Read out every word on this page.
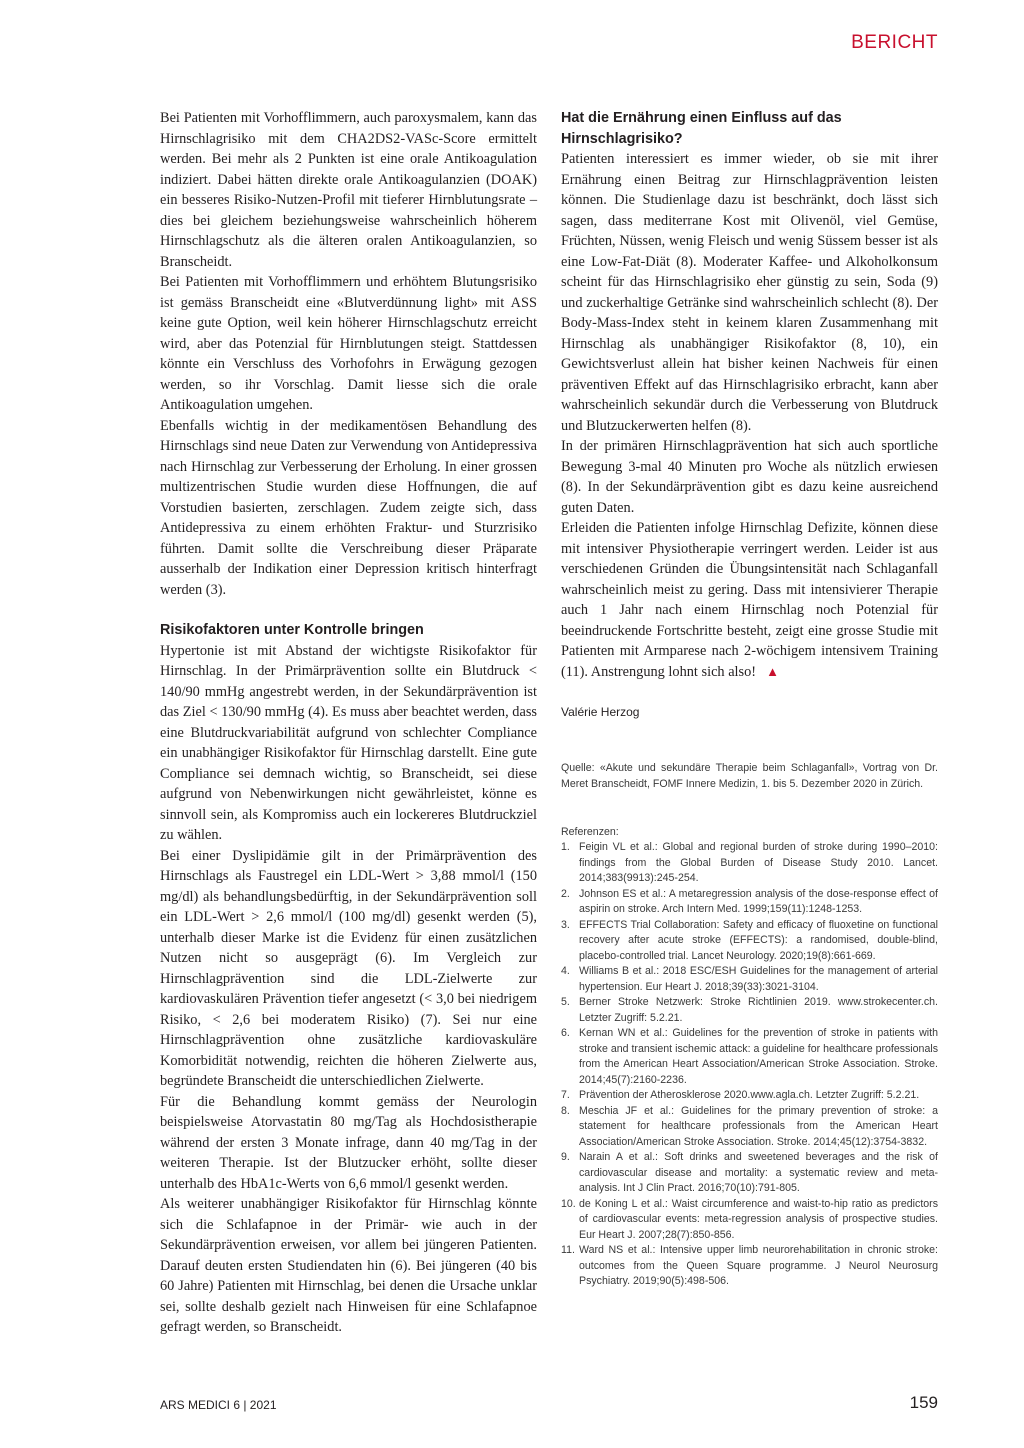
BERICHT

Bei Patienten mit Vorhofflimmern, auch paroxysmalem, kann das Hirnschlagrisiko mit dem CHA2DS2-VASc-Score ermittelt werden. Bei mehr als 2 Punkten ist eine orale Antikoagulation indiziert. Dabei hätten direkte orale Antikoagulanzien (DOAK) ein besseres Risiko-Nutzen-Profil mit tieferer Hirnblutungsrate – dies bei gleichem beziehungsweise wahrscheinlich höherem Hirnschlagschutz als die älteren oralen Antikoagulanzien, so Branscheidt.

Bei Patienten mit Vorhofflimmern und erhöhtem Blutungsrisiko ist gemäss Branscheidt eine «Blutverdünnung light» mit ASS keine gute Option, weil kein höherer Hirnschlagschutz erreicht wird, aber das Potenzial für Hirnblutungen steigt. Stattdessen könnte ein Verschluss des Vorhofohrs in Erwägung gezogen werden, so ihr Vorschlag. Damit liesse sich die orale Antikoagulation umgehen.

Ebenfalls wichtig in der medikamentösen Behandlung des Hirnschlags sind neue Daten zur Verwendung von Antidepressiva nach Hirnschlag zur Verbesserung der Erholung. In einer grossen multizentrischen Studie wurden diese Hoffnungen, die auf Vorstudien basierten, zerschlagen. Zudem zeigte sich, dass Antidepressiva zu einem erhöhten Fraktur- und Sturzrisiko führten. Damit sollte die Verschreibung dieser Präparate ausserhalb der Indikation einer Depression kritisch hinterfragt werden (3).

Risikofaktoren unter Kontrolle bringen

Hypertonie ist mit Abstand der wichtigste Risikofaktor für Hirnschlag. In der Primärprävention sollte ein Blutdruck < 140/90 mmHg angestrebt werden, in der Sekundärprävention ist das Ziel < 130/90 mmHg (4). Es muss aber beachtet werden, dass eine Blutdruckvariabilität aufgrund von schlechter Compliance ein unabhängiger Risikofaktor für Hirnschlag darstellt. Eine gute Compliance sei demnach wichtig, so Branscheidt, sei diese aufgrund von Nebenwirkungen nicht gewährleistet, könne es sinnvoll sein, als Kompromiss auch ein lockereres Blutdruckziel zu wählen.

Bei einer Dyslipidämie gilt in der Primärprävention des Hirnschlags als Faustregel ein LDL-Wert > 3,88 mmol/l (150 mg/dl) als behandlungsbedürftig, in der Sekundärprävention soll ein LDL-Wert > 2,6 mmol/l (100 mg/dl) gesenkt werden (5), unterhalb dieser Marke ist die Evidenz für einen zusätzlichen Nutzen nicht so ausgeprägt (6). Im Vergleich zur Hirnschlagprävention sind die LDL-Zielwerte zur kardiovaskulären Prävention tiefer angesetzt (< 3,0 bei niedrigem Risiko, < 2,6 bei moderatem Risiko) (7). Sei nur eine Hirnschlagprävention ohne zusätzliche kardiovaskuläre Komorbidität notwendig, reichten die höheren Zielwerte aus, begründete Branscheidt die unterschiedlichen Zielwerte.

Für die Behandlung kommt gemäss der Neurologin beispielsweise Atorvastatin 80 mg/Tag als Hochdosistherapie während der ersten 3 Monate infrage, dann 40 mg/Tag in der weiteren Therapie. Ist der Blutzucker erhöht, sollte dieser unterhalb des HbA1c-Werts von 6,6 mmol/l gesenkt werden.

Als weiterer unabhängiger Risikofaktor für Hirnschlag könnte sich die Schlafapnoe in der Primär- wie auch in der Sekundärprävention erweisen, vor allem bei jüngeren Patienten. Darauf deuten ersten Studiendaten hin (6). Bei jüngeren (40 bis 60 Jahre) Patienten mit Hirnschlag, bei denen die Ursache unklar sei, sollte deshalb gezielt nach Hinweisen für eine Schlafapnoe gefragt werden, so Branscheidt.

Hat die Ernährung einen Einfluss auf das Hirnschlagrisiko?

Patienten interessiert es immer wieder, ob sie mit ihrer Ernährung einen Beitrag zur Hirnschlagprävention leisten können. Die Studienlage dazu ist beschränkt, doch lässt sich sagen, dass mediterrane Kost mit Olivenöl, viel Gemüse, Früchten, Nüssen, wenig Fleisch und wenig Süssem besser ist als eine Low-Fat-Diät (8). Moderater Kaffee- und Alkoholkonsum scheint für das Hirnschlagrisiko eher günstig zu sein, Soda (9) und zuckerhaltige Getränke sind wahrscheinlich schlecht (8). Der Body-Mass-Index steht in keinem klaren Zusammenhang mit Hirnschlag als unabhängiger Risikofaktor (8, 10), ein Gewichtsverlust allein hat bisher keinen Nachweis für einen präventiven Effekt auf das Hirnschlagrisiko erbracht, kann aber wahrscheinlich sekundär durch die Verbesserung von Blutdruck und Blutzuckerwerten helfen (8).

In der primären Hirnschlagprävention hat sich auch sportliche Bewegung 3-mal 40 Minuten pro Woche als nützlich erwiesen (8). In der Sekundärprävention gibt es dazu keine ausreichend guten Daten.

Erleiden die Patienten infolge Hirnschlag Defizite, können diese mit intensiver Physiotherapie verringert werden. Leider ist aus verschiedenen Gründen die Übungsintensität nach Schlaganfall wahrscheinlich meist zu gering. Dass mit intensivierer Therapie auch 1 Jahr nach einem Hirnschlag noch Potenzial für beeindruckende Fortschritte besteht, zeigt eine grosse Studie mit Patienten mit Armparese nach 2-wöchigem intensivem Training (11). Anstrengung lohnt sich also! ▲

Valérie Herzog
Quelle: «Akute und sekundäre Therapie beim Schlaganfall», Vortrag von Dr. Meret Branscheidt, FOMF Innere Medizin, 1. bis 5. Dezember 2020 in Zürich.
Referenzen:
1. Feigin VL et al.: Global and regional burden of stroke during 1990–2010: findings from the Global Burden of Disease Study 2010. Lancet. 2014;383(9913):245-254.
2. Johnson ES et al.: A metaregression analysis of the dose-response effect of aspirin on stroke. Arch Intern Med. 1999;159(11):1248-1253.
3. EFFECTS Trial Collaboration: Safety and efficacy of fluoxetine on functional recovery after acute stroke (EFFECTS): a randomised, double-blind, placebo-controlled trial. Lancet Neurology. 2020;19(8):661-669.
4. Williams B et al.: 2018 ESC/ESH Guidelines for the management of arterial hypertension. Eur Heart J. 2018;39(33):3021-3104.
5. Berner Stroke Netzwerk: Stroke Richtlinien 2019. www.strokecenter.ch. Letzter Zugriff: 5.2.21.
6. Kernan WN et al.: Guidelines for the prevention of stroke in patients with stroke and transient ischemic attack: a guideline for healthcare professionals from the American Heart Association/American Stroke Association. Stroke. 2014;45(7):2160-2236.
7. Prävention der Atherosklerose 2020.www.agla.ch. Letzter Zugriff: 5.2.21.
8. Meschia JF et al.: Guidelines for the primary prevention of stroke: a statement for healthcare professionals from the American Heart Association/American Stroke Association. Stroke. 2014;45(12):3754-3832.
9. Narain A et al.: Soft drinks and sweetened beverages and the risk of cardiovascular disease and mortality: a systematic review and meta-analysis. Int J Clin Pract. 2016;70(10):791-805.
10. de Koning L et al.: Waist circumference and waist-to-hip ratio as predictors of cardiovascular events: meta-regression analysis of prospective studies. Eur Heart J. 2007;28(7):850-856.
11. Ward NS et al.: Intensive upper limb neurorehabilitation in chronic stroke: outcomes from the Queen Square programme. J Neurol Neurosurg Psychiatry. 2019;90(5):498-506.
ARS MEDICI 6 | 2021	159
